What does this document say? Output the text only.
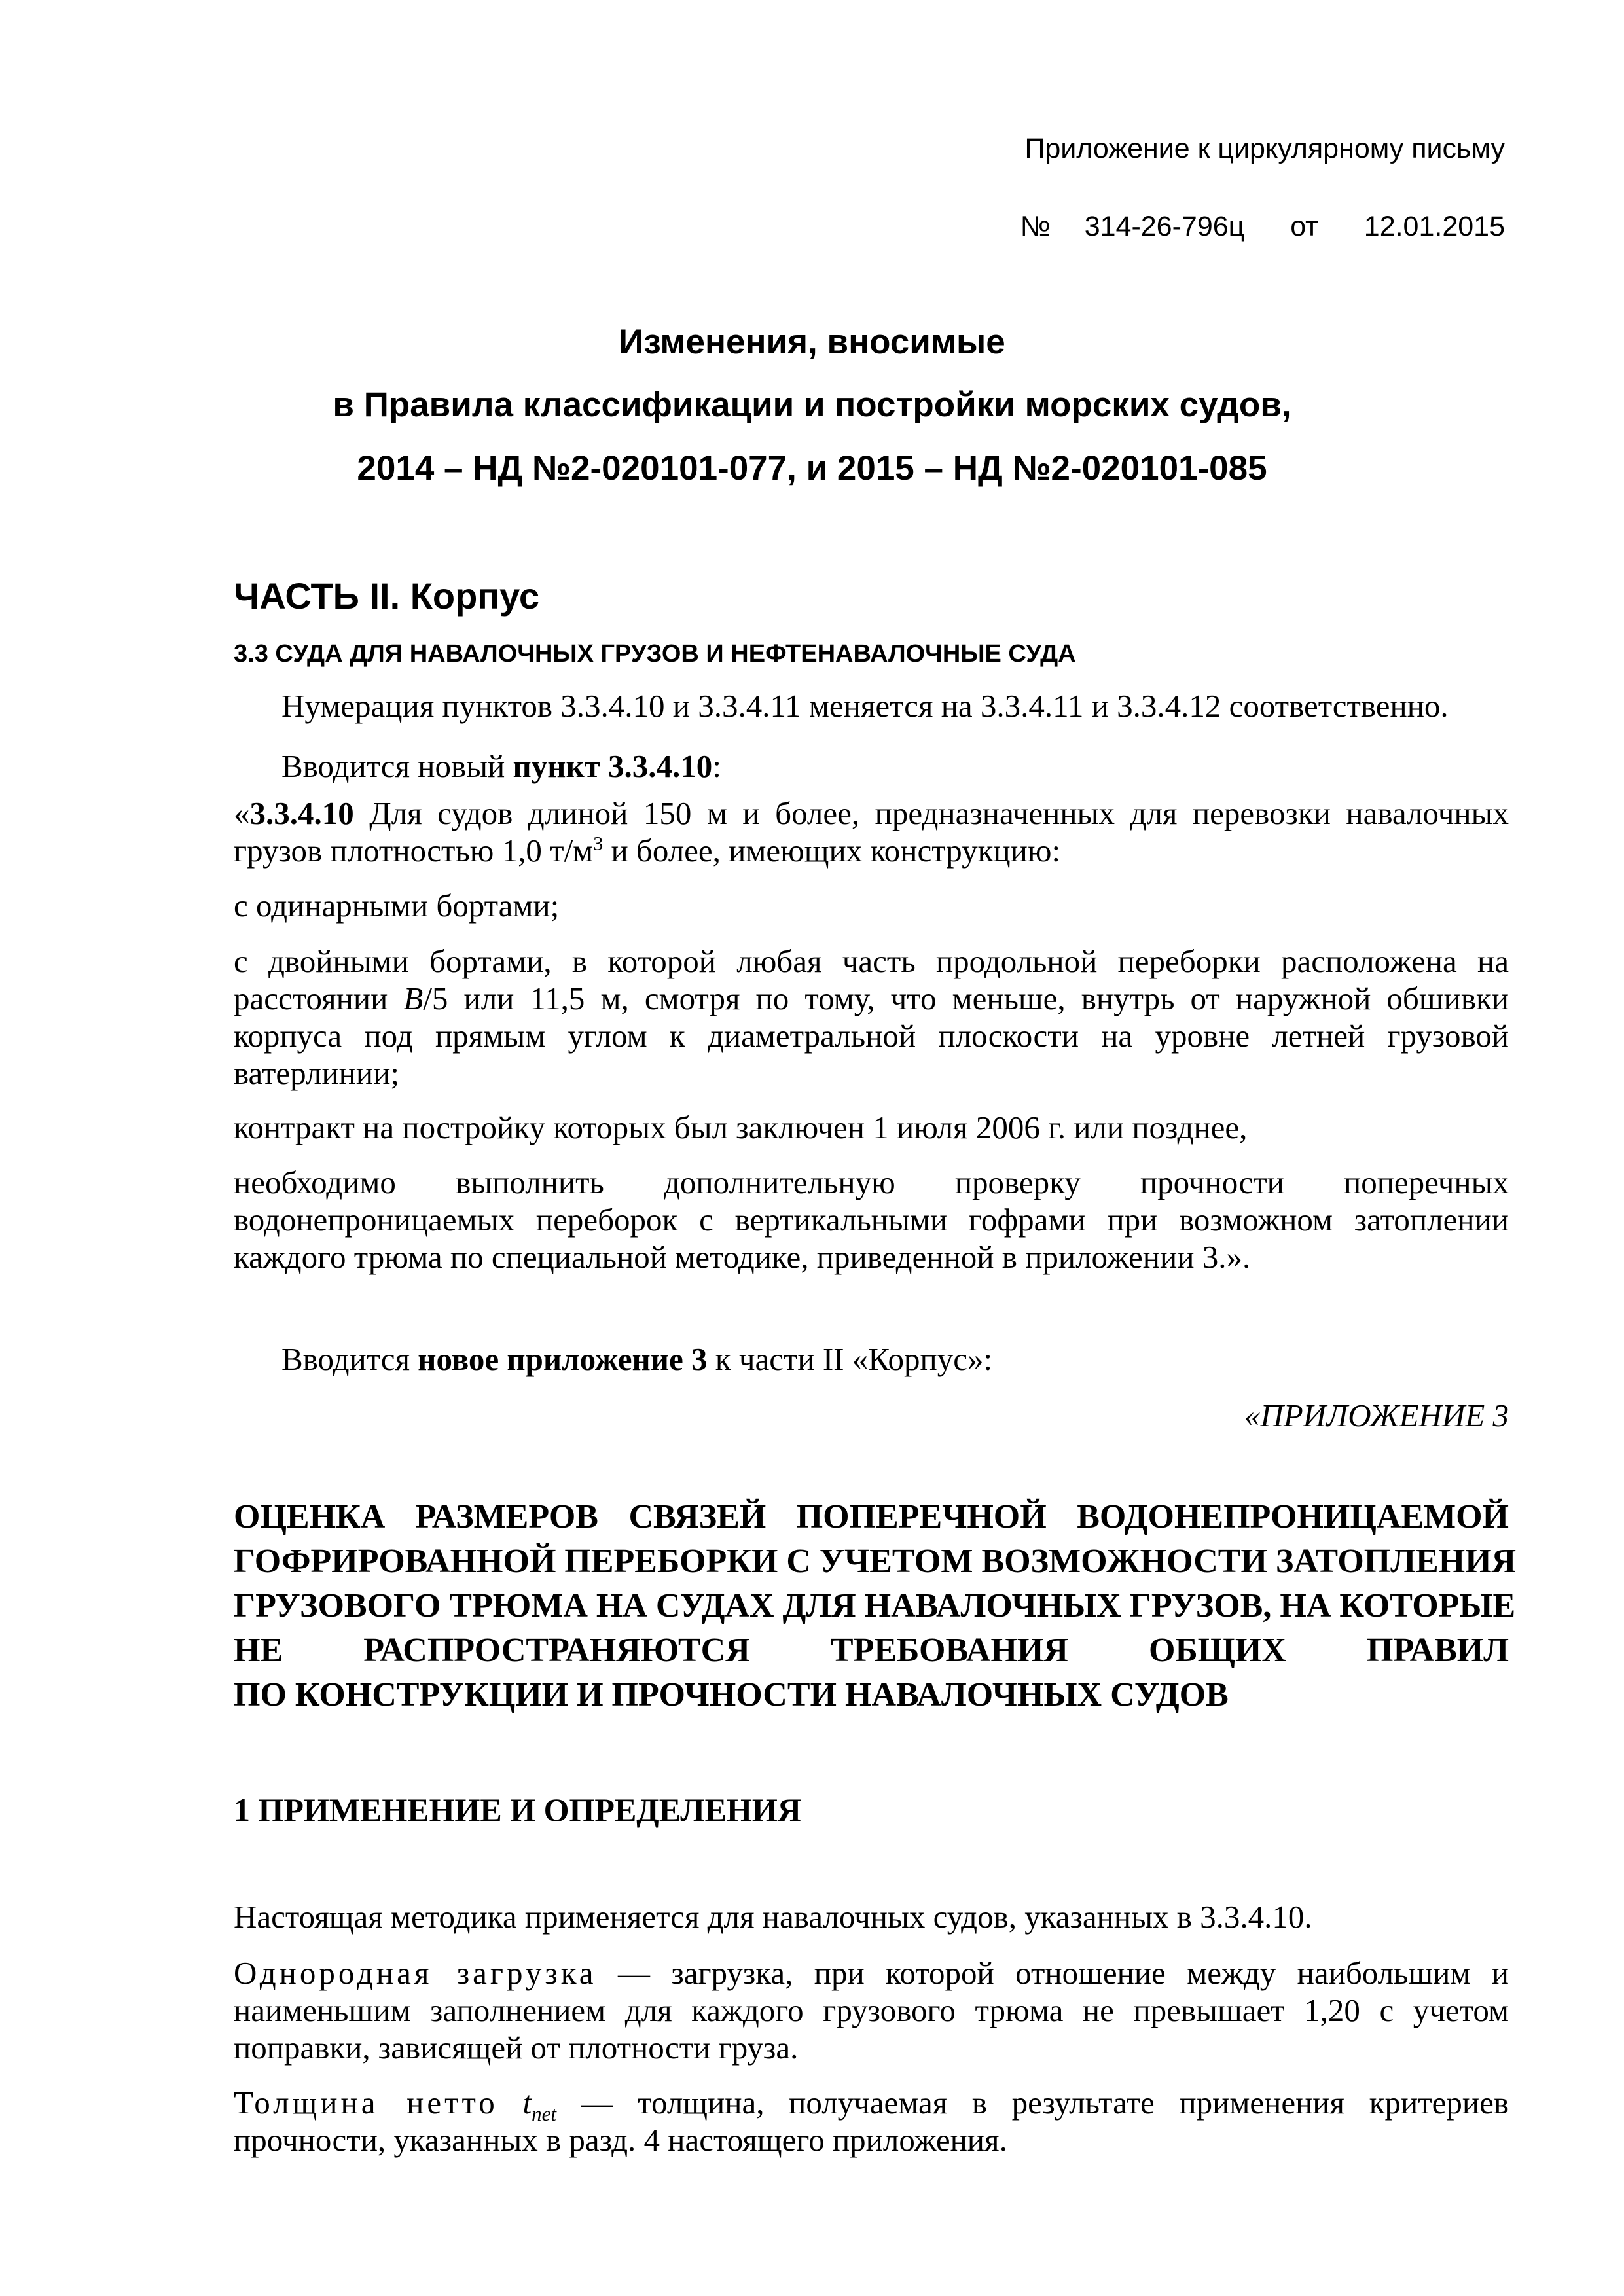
Приложение к циркулярному письму
№ 314-26-796ц от 12.01.2015
Изменения, вносимые
в Правила классификации и постройки морских судов,
2014 – НД №2-020101-077, и 2015 – НД №2-020101-085
ЧАСТЬ II. Корпус
3.3 СУДА ДЛЯ НАВАЛОЧНЫХ ГРУЗОВ И НЕФТЕНАВАЛОЧНЫЕ СУДА
Нумерация пунктов 3.3.4.10 и 3.3.4.11 меняется на 3.3.4.11 и 3.3.4.12 соответственно.
Вводится новый пункт 3.3.4.10:
«3.3.4.10 Для судов длиной 150 м и более, предназначенных для перевозки навалочных
грузов плотностью 1,0 $т/м^3$ и более, имеющих конструкцию:
с одинарными бортами;
с двойными бортами, в которой любая часть продольной переборки расположена на
расстоянии B/5 или 11,5 м, смотря по тому, что меньше, внутрь от наружной обшивки
корпуса под прямым углом к диаметральной плоскости на уровне летней грузовой
ватерлинии;
контракт на постройку которых был заключен 1 июля 2006 г. или позднее,
необходимо выполнить дополнительную проверку прочности поперечных
водонепроницаемых переборок с вертикальными гофрами при возможном затоплении
каждого трюма по специальной методике, приведенной в приложении 3.».
Вводится новое приложение 3 к части II «Корпус»:
«ПРИЛОЖЕНИЕ 3
ОЦЕНКА РАЗМЕРОВ СВЯЗЕЙ ПОПЕРЕЧНОЙ ВОДОНЕПРОНИЦАЕМОЙ
ГОФРИРОВАННОЙ ПЕРЕБОРКИ С УЧЕТОМ ВОЗМОЖНОСТИ ЗАТОПЛЕНИЯ
ГРУЗОВОГО ТРЮМА НА СУДАХ ДЛЯ НАВАЛОЧНЫХ ГРУЗОВ, НА КОТОРЫЕ
НЕ РАСПРОСТРАНЯЮТСЯ ТРЕБОВАНИЯ ОБЩИХ ПРАВИЛ
ПО КОНСТРУКЦИИ И ПРОЧНОСТИ НАВАЛОЧНЫХ СУДОВ
1 ПРИМЕНЕНИЕ И ОПРЕДЕЛЕНИЯ
Настоящая методика применяется для навалочных судов, указанных в 3.3.4.10.
Однородная загрузка — загрузка, при которой отношение между наибольшим и
наименьшим заполнением для каждого грузового трюма не превышает 1,20 с учетом
поправки, зависящей от плотности груза.
Толщина нетто $t_{net}$ — толщина, получаемая в результате применения критериев
прочности, указанных в разд. 4 настоящего приложения.
